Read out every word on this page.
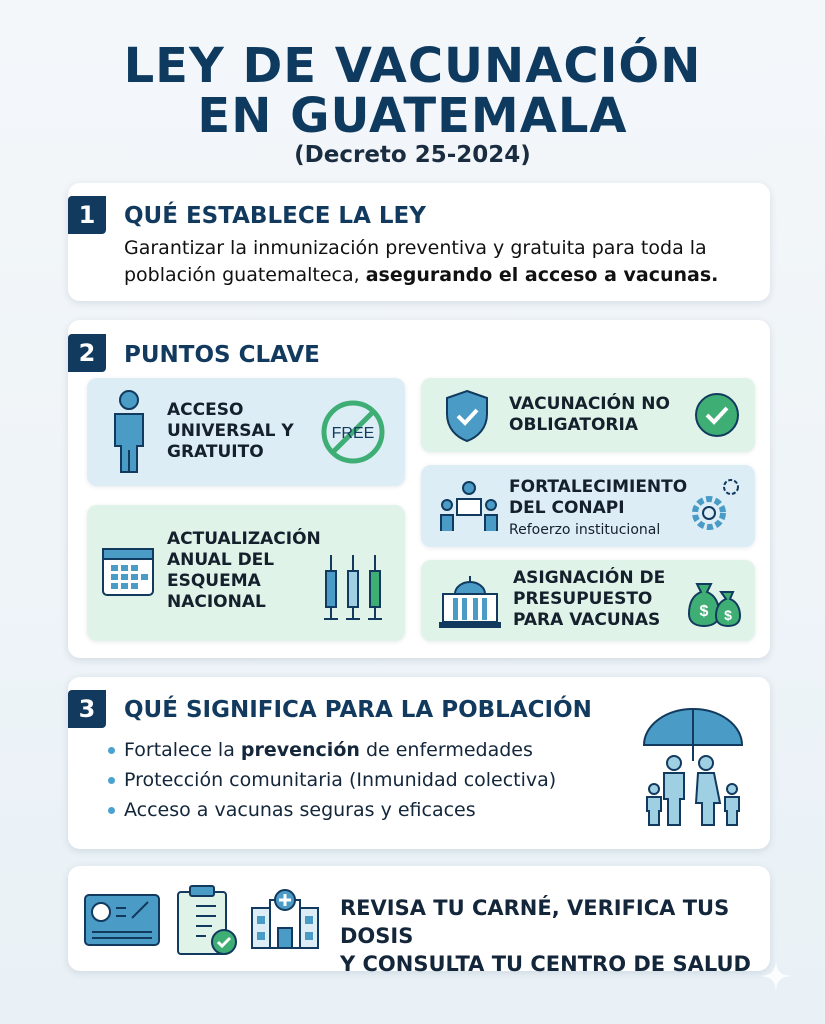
LEY DE VACUNACIÓN
EN GUATEMALA
(Decreto 25-2024)
1	QUÉ ESTABLECE LA LEY
Garantizar la inmunización preventiva y gratuita para toda la población guatemalteca, asegurando el acceso a vacunas.
2	PUNTOS CLAVE
ACCESO UNIVERSAL Y GRATUITO
FREE
VACUNACIÓN NO OBLIGATORIA
FORTALECIMIENTO DEL CONAPI
Refoerzo institucional
ACTUALIZACIÓN ANUAL DEL ESQUEMA NACIONAL
ASIGNACIÓN DE PRESUPUESTO PARA VACUNAS	$ $
3	QUÉ SIGNIFICA PARA LA POBLACIÓN
Fortalece la prevención de enfermedades
Protección comunitaria (Inmunidad colectiva)
Acceso a vacunas seguras y eficaces
REVISA TU CARNÉ, VERIFICA TUS DOSIS
Y CONSULTA TU CENTRO DE SALUD
